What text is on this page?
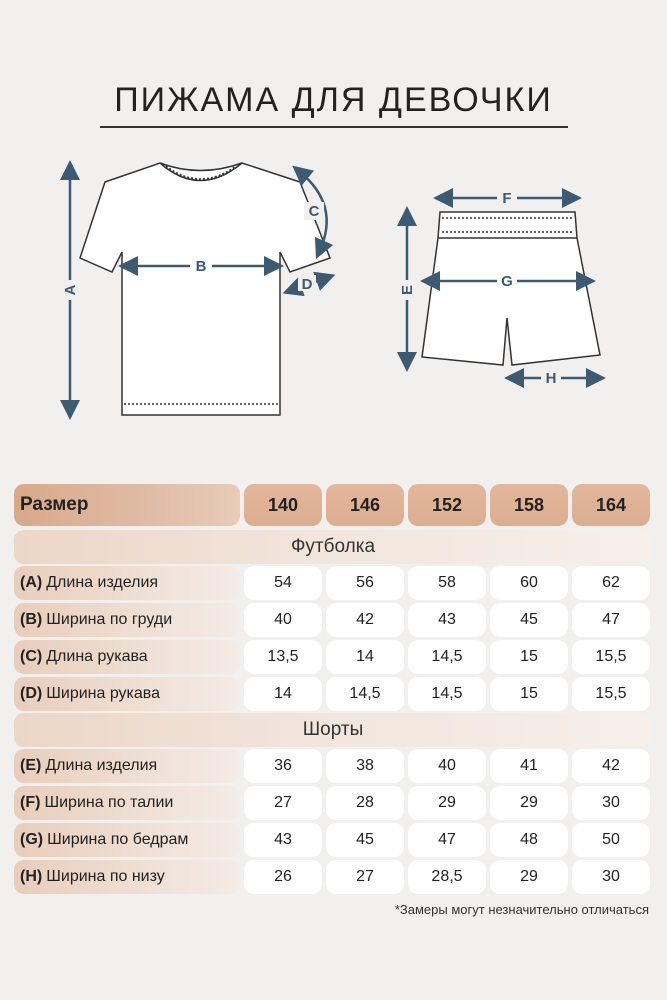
ПИЖАМА ДЛЯ ДЕВОЧКИ
A
B
C
D	E
F
G
H
Размер	140	146	152	158	164
Футболка
(A) Длина изделия	54	56	58	60	62
(B) Ширина по груди	40	42	43	45	47
(C) Длина рукава	13,5	14	14,5	15	15,5
(D) Ширина рукава	14	14,5	14,5	15	15,5
Шорты
(E) Длина изделия	36	38	40	41	42
(F) Ширина по талии	27	28	29	29	30
(G) Ширина по бедрам	43	45	47	48	50
(H) Ширина по низу	26	27	28,5	29	30
*Замеры могут незначительно отличаться
